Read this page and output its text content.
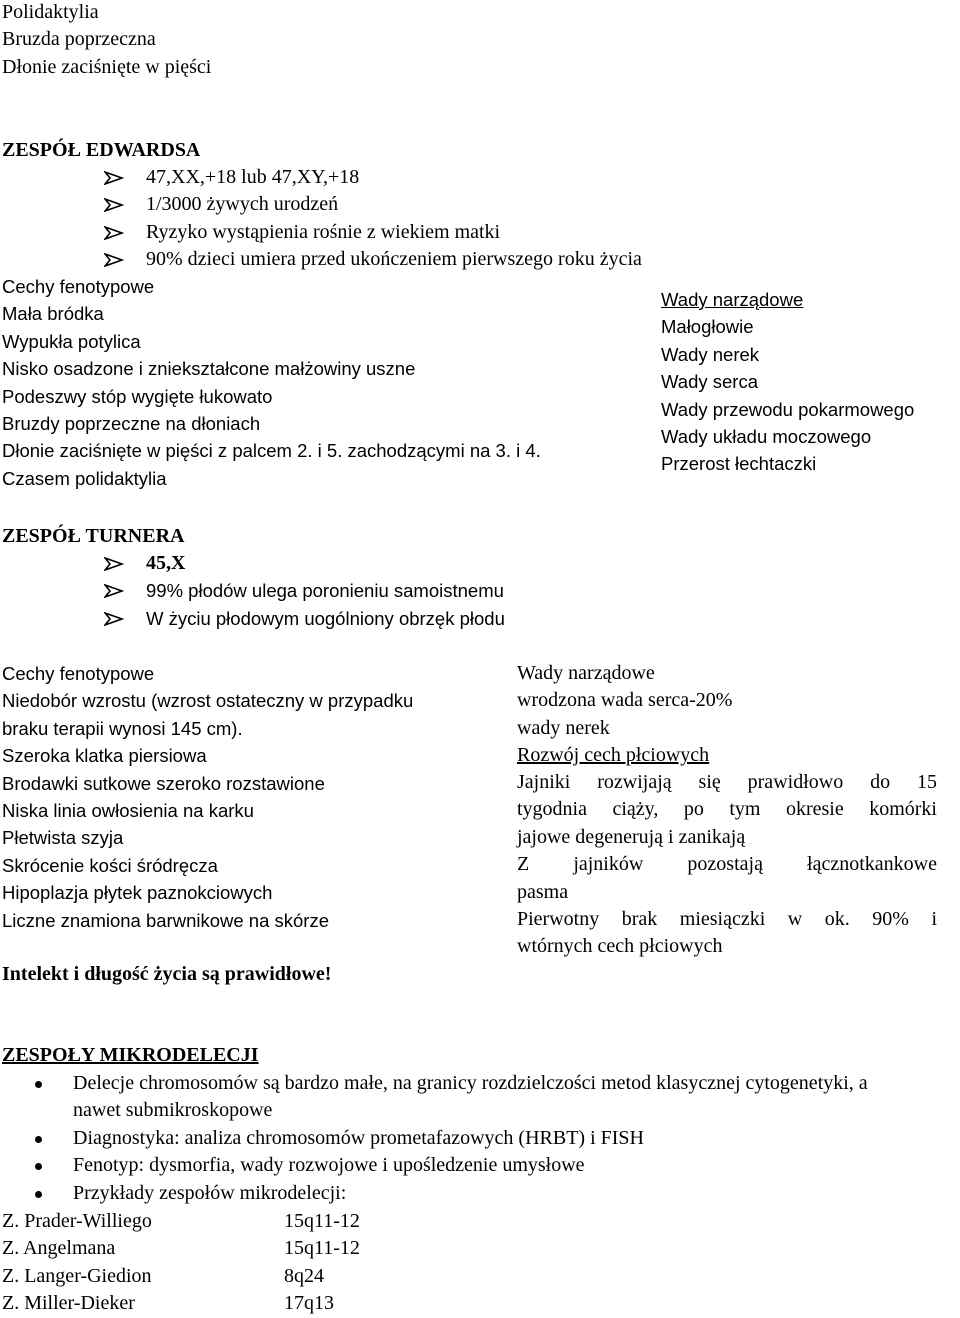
Polidaktylia
Bruzda poprzeczna
Dłonie zaciśnięte w pięści
ZESPÓŁ EDWARDSA
47,XX,+18 lub 47,XY,+18
1/3000 żywych urodzeń
Ryzyko wystąpienia rośnie z wiekiem matki
90% dzieci umiera przed ukończeniem pierwszego roku życia
Cechy fenotypowe
Mała bródka
Wypukła potylica
Nisko osadzone i zniekształcone małżowiny uszne
Podeszwy stóp wygięte łukowato
Bruzdy poprzeczne na dłoniach
Dłonie zaciśnięte w pięści z palcem 2. i 5. zachodzącymi na 3. i 4.
Czasem polidaktylia
Wady narządowe
Małogłowie
Wady nerek
Wady serca
Wady przewodu pokarmowego
Wady układu moczowego
Przerost łechtaczki
ZESPÓŁ TURNERA
45,X
99% płodów ulega poronieniu samoistnemu
W życiu płodowym uogólniony obrzęk płodu
Cechy fenotypowe
Niedobór wzrostu (wzrost ostateczny w przypadku
braku terapii wynosi 145 cm).
Szeroka klatka piersiowa
Brodawki sutkowe szeroko rozstawione
Niska linia owłosienia na karku
Płetwista szyja
Skrócenie kości śródręcza
Hipoplazja płytek paznokciowych
Liczne znamiona barwnikowe na skórze
Intelekt i długość życia są prawidłowe!
Wady narządowe
wrodzona wada serca-20%
wady nerek
Rozwój cech płciowych
Jajniki rozwijają się prawidłowo do 15
tygodnia ciąży, po tym okresie komórki
jajowe degenerują i zanikają
Z jajników pozostają łącznotkankowe
pasma
Pierwotny brak miesiączki w ok. 90% i
wtórnych cech płciowych
ZESPOŁY MIKRODELECJI
Delecje chromosomów są bardzo małe, na granicy rozdzielczości metod klasycznej cytogenetyki, a nawet submikroskopowe
Diagnostyka: analiza chromosomów prometafazowych (HRBT) i FISH
Fenotyp: dysmorfia, wady rozwojowe i upośledzenie umysłowe
Przykłady zespołów mikrodelecji:
Z. Prader-Williego	15q11-12
Z. Angelmana	15q11-12
Z. Langer-Giedion	8q24
Z. Miller-Dieker	17q13
